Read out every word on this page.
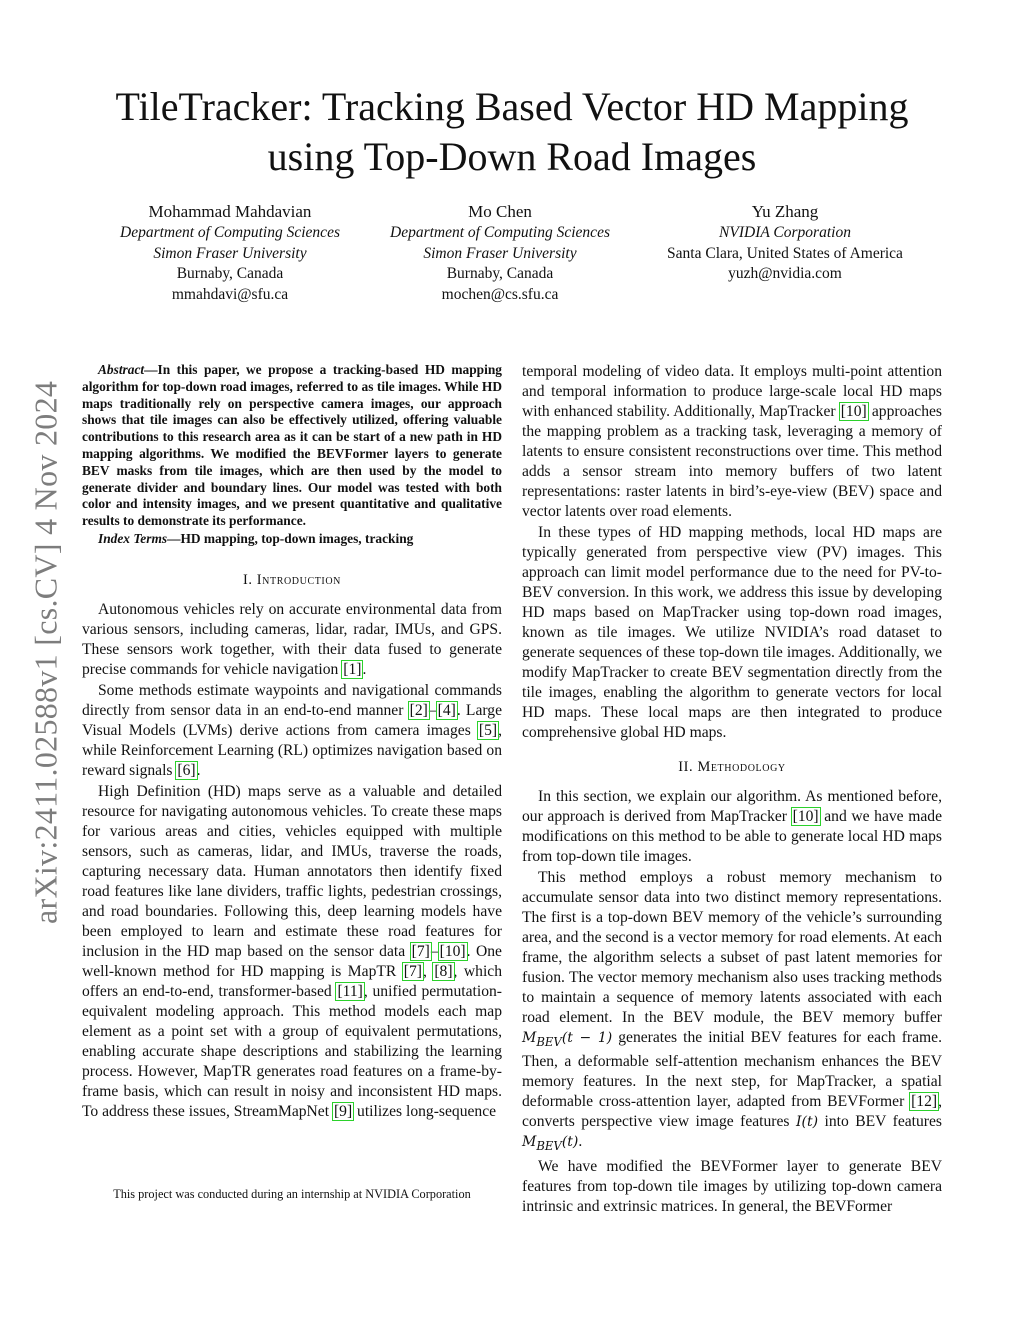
arXiv:2411.02588v1 [cs.CV] 4 Nov 2024
TileTracker: Tracking Based Vector HD Mapping using Top-Down Road Images
Mohammad Mahdavian
Department of Computing Sciences
Simon Fraser University
Burnaby, Canada
mmahdavi@sfu.ca
Mo Chen
Department of Computing Sciences
Simon Fraser University
Burnaby, Canada
mochen@cs.sfu.ca
Yu Zhang
NVIDIA Corporation
Santa Clara, United States of America
yuzh@nvidia.com

Abstract—In this paper, we propose a tracking-based HD mapping algorithm for top-down road images, referred to as tile images. While HD maps traditionally rely on perspective camera images, our approach shows that tile images can also be effectively utilized, offering valuable contributions to this research area as it can be start of a new path in HD mapping algorithms. We modified the BEVFormer layers to generate BEV masks from tile images, which are then used by the model to generate divider and boundary lines. Our model was tested with both color and intensity images, and we present quantitative and qualitative results to demonstrate its performance.

Index Terms—HD mapping, top-down images, tracking

I. Introduction

Autonomous vehicles rely on accurate environmental data from various sensors, including cameras, lidar, radar, IMUs, and GPS. These sensors work together, with their data fused to generate precise commands for vehicle navigation [1].

Some methods estimate waypoints and navigational commands directly from sensor data in an end-to-end manner [2]–[4]. Large Visual Models (LVMs) derive actions from camera images [5], while Reinforcement Learning (RL) optimizes navigation based on reward signals [6].

High Definition (HD) maps serve as a valuable and detailed resource for navigating autonomous vehicles. To create these maps for various areas and cities, vehicles equipped with multiple sensors, such as cameras, lidar, and IMUs, traverse the roads, capturing necessary data. Human annotators then identify fixed road features like lane dividers, traffic lights, pedestrian crossings, and road boundaries. Following this, deep learning models have been employed to learn and estimate these road features for inclusion in the HD map based on the sensor data [7]–[10]. One well-known method for HD mapping is MapTR [7], [8], which offers an end-to-end, transformer-based [11], unified permutation-equivalent modeling approach. This method models each map element as a point set with a group of equivalent permutations, enabling accurate shape descriptions and stabilizing the learning process. However, MapTR generates road features on a frame-by-frame basis, which can result in noisy and inconsistent HD maps. To address these issues, StreamMapNet [9] utilizes long-sequence

This project was conducted during an internship at NVIDIA Corporation

temporal modeling of video data. It employs multi-point attention and temporal information to produce large-scale local HD maps with enhanced stability. Additionally, MapTracker [10] approaches the mapping problem as a tracking task, leveraging a memory of latents to ensure consistent reconstructions over time. This method adds a sensor stream into memory buffers of two latent representations: raster latents in bird’s-eye-view (BEV) space and vector latents over road elements.

In these types of HD mapping methods, local HD maps are typically generated from perspective view (PV) images. This approach can limit model performance due to the need for PV-to-BEV conversion. In this work, we address this issue by developing HD maps based on MapTracker using top-down road images, known as tile images. We utilize NVIDIA’s road dataset to generate sequences of these top-down tile images. Additionally, we modify MapTracker to create BEV segmentation directly from the tile images, enabling the algorithm to generate vectors for local HD maps. These local maps are then integrated to produce comprehensive global HD maps.

II. Methodology

In this section, we explain our algorithm. As mentioned before, our approach is derived from MapTracker [10] and we have made modifications on this method to be able to generate local HD maps from top-down tile images.

This method employs a robust memory mechanism to accumulate sensor data into two distinct memory representations. The first is a top-down BEV memory of the vehicle’s surrounding area, and the second is a vector memory for road elements. At each frame, the algorithm selects a subset of past latent memories for fusion. The vector memory mechanism also uses tracking methods to maintain a sequence of memory latents associated with each road element. In the BEV module, the BEV memory buffer $M_{BEV}(t - 1)$ generates the initial BEV features for each frame. Then, a deformable self-attention mechanism enhances the BEV memory features. In the next step, for MapTracker, a spatial deformable cross-attention layer, adapted from BEVFormer [12], converts perspective view image features I(t) into BEV features $M_{BEV}(t)$.

We have modified the BEVFormer layer to generate BEV features from top-down tile images by utilizing top-down camera intrinsic and extrinsic matrices. In general, the BEVFormer
